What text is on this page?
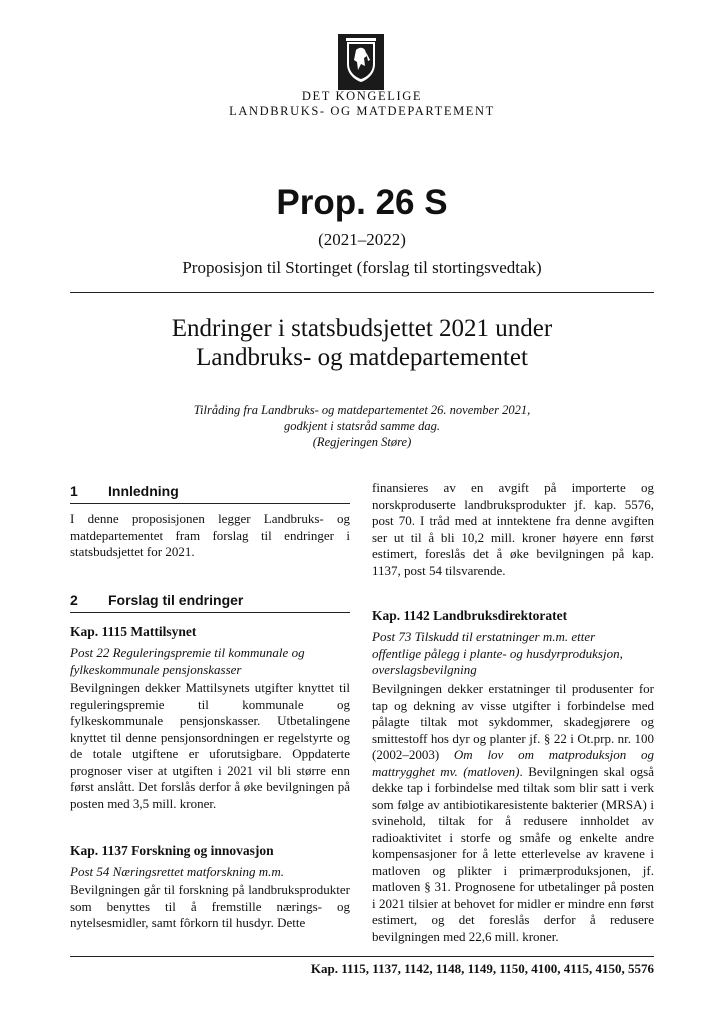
DET KONGELIGE
LANDBRUKS- OG MATDEPARTEMENT
Prop. 26 S
(2021–2022)
Proposisjon til Stortinget (forslag til stortingsvedtak)
Endringer i statsbudsjettet 2021 under
Landbruks- og matdepartementet
Tilråding fra Landbruks- og matdepartementet 26. november 2021,
godkjent i statsråd samme dag.
(Regjeringen Støre)
1 Innledning
I denne proposisjonen legger Landbruks- og matdepartementet fram forslag til endringer i statsbudsjettet for 2021.
2 Forslag til endringer
Kap. 1115 Mattilsynet
Post 22 Reguleringspremie til kommunale og fylkeskommunale pensjonskasser
Bevilgningen dekker Mattilsynets utgifter knyttet til reguleringspremie til kommunale og fylkeskommunale pensjonskasser. Utbetalingene knyttet til denne pensjonsordningen er regelstyrte og de totale utgiftene er uforutsigbare. Oppdaterte prognoser viser at utgiften i 2021 vil bli større enn først anslått. Det forslås derfor å øke bevilgningen på posten med 3,5 mill. kroner.
Kap. 1137 Forskning og innovasjon
Post 54 Næringsrettet matforskning m.m.
Bevilgningen går til forskning på landbruksprodukter som benyttes til å fremstille nærings- og nytelsesmidler, samt fôrkorn til husdyr. Dette
finansieres av en avgift på importerte og norskproduserte landbruksprodukter jf. kap. 5576, post 70. I tråd med at inntektene fra denne avgiften ser ut til å bli 10,2 mill. kroner høyere enn først estimert, foreslås det å øke bevilgningen på kap. 1137, post 54 tilsvarende.
Kap. 1142 Landbruksdirektoratet
Post 73 Tilskudd til erstatninger m.m. etter offentlige pålegg i plante- og husdyrproduksjon, overslagsbevilgning
Bevilgningen dekker erstatninger til produsenter for tap og dekning av visse utgifter i forbindelse med pålagte tiltak mot sykdommer, skadegjørere og smittestoff hos dyr og planter jf. § 22 i Ot.prp. nr. 100 (2002–2003) Om lov om matproduksjon og mattrygghet mv. (matloven). Bevilgningen skal også dekke tap i forbindelse med tiltak som blir satt i verk som følge av antibiotikaresistente bakterier (MRSA) i svinehold, tiltak for å redusere innholdet av radioaktivitet i storfe og småfe og enkelte andre kompensasjoner for å lette etterlevelse av kravene i matloven og plikter i primærproduksjonen, jf. matloven § 31. Prognosene for utbetalinger på posten i 2021 tilsier at behovet for midler er mindre enn først estimert, og det foreslås derfor å redusere bevilgningen med 22,6 mill. kroner.
Kap. 1115, 1137, 1142, 1148, 1149, 1150, 4100, 4115, 4150, 5576
